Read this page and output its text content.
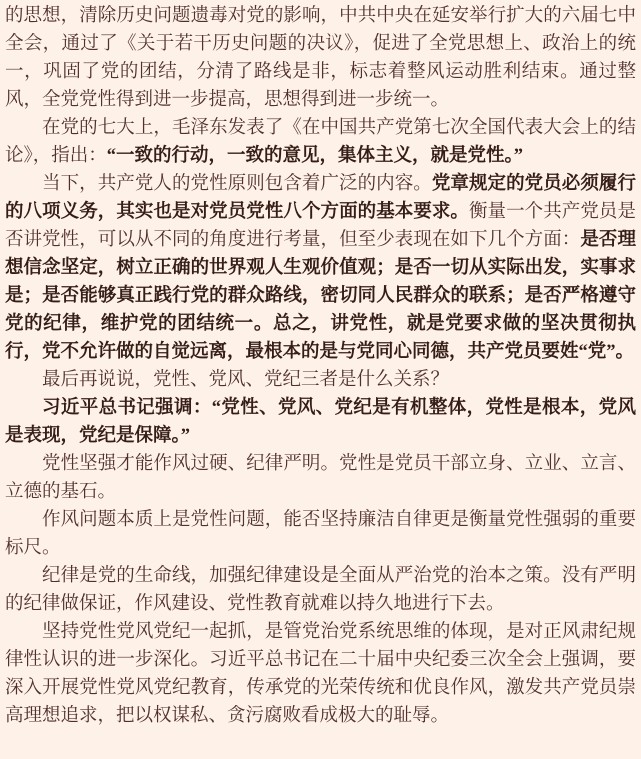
的思想，清除历史问题遗毒对党的影响，中共中央在延安举行扩大的六届七中全会，通过了《关于若干历史问题的决议》，促进了全党思想上、政治上的统一，巩固了党的团结，分清了路线是非，标志着整风运动胜利结束。通过整风，全党党性得到进一步提高，思想得到进一步统一。

在党的七大上，毛泽东发表了《在中国共产党第七次全国代表大会上的结论》，指出：“一致的行动，一致的意见，集体主义，就是党性。”

当下，共产党人的党性原则包含着广泛的内容。党章规定的党员必须履行的八项义务，其实也是对党员党性八个方面的基本要求。衡量一个共产党员是否讲党性，可以从不同的角度进行考量，但至少表现在如下几个方面：是否理想信念坚定，树立正确的世界观人生观价值观；是否一切从实际出发，实事求是；是否能够真正践行党的群众路线，密切同人民群众的联系；是否严格遵守党的纪律，维护党的团结统一。总之，讲党性，就是党要求做的坚决贯彻执行，党不允许做的自觉远离，最根本的是与党同心同德，共产党员要姓“党”。

最后再说说，党性、党风、党纪三者是什么关系？

习近平总书记强调：“党性、党风、党纪是有机整体，党性是根本，党风是表现，党纪是保障。”

党性坚强才能作风过硬、纪律严明。党性是党员干部立身、立业、立言、立德的基石。

作风问题本质上是党性问题，能否坚持廉洁自律更是衡量党性强弱的重要标尺。

纪律是党的生命线，加强纪律建设是全面从严治党的治本之策。没有严明的纪律做保证，作风建设、党性教育就难以持久地进行下去。

坚持党性党风党纪一起抓，是管党治党系统思维的体现，是对正风肃纪规律性认识的进一步深化。习近平总书记在二十届中央纪委三次全会上强调，要深入开展党性党风党纪教育，传承党的光荣传统和优良作风，激发共产党员崇高理想追求，把以权谋私、贪污腐败看成极大的耻辱。
